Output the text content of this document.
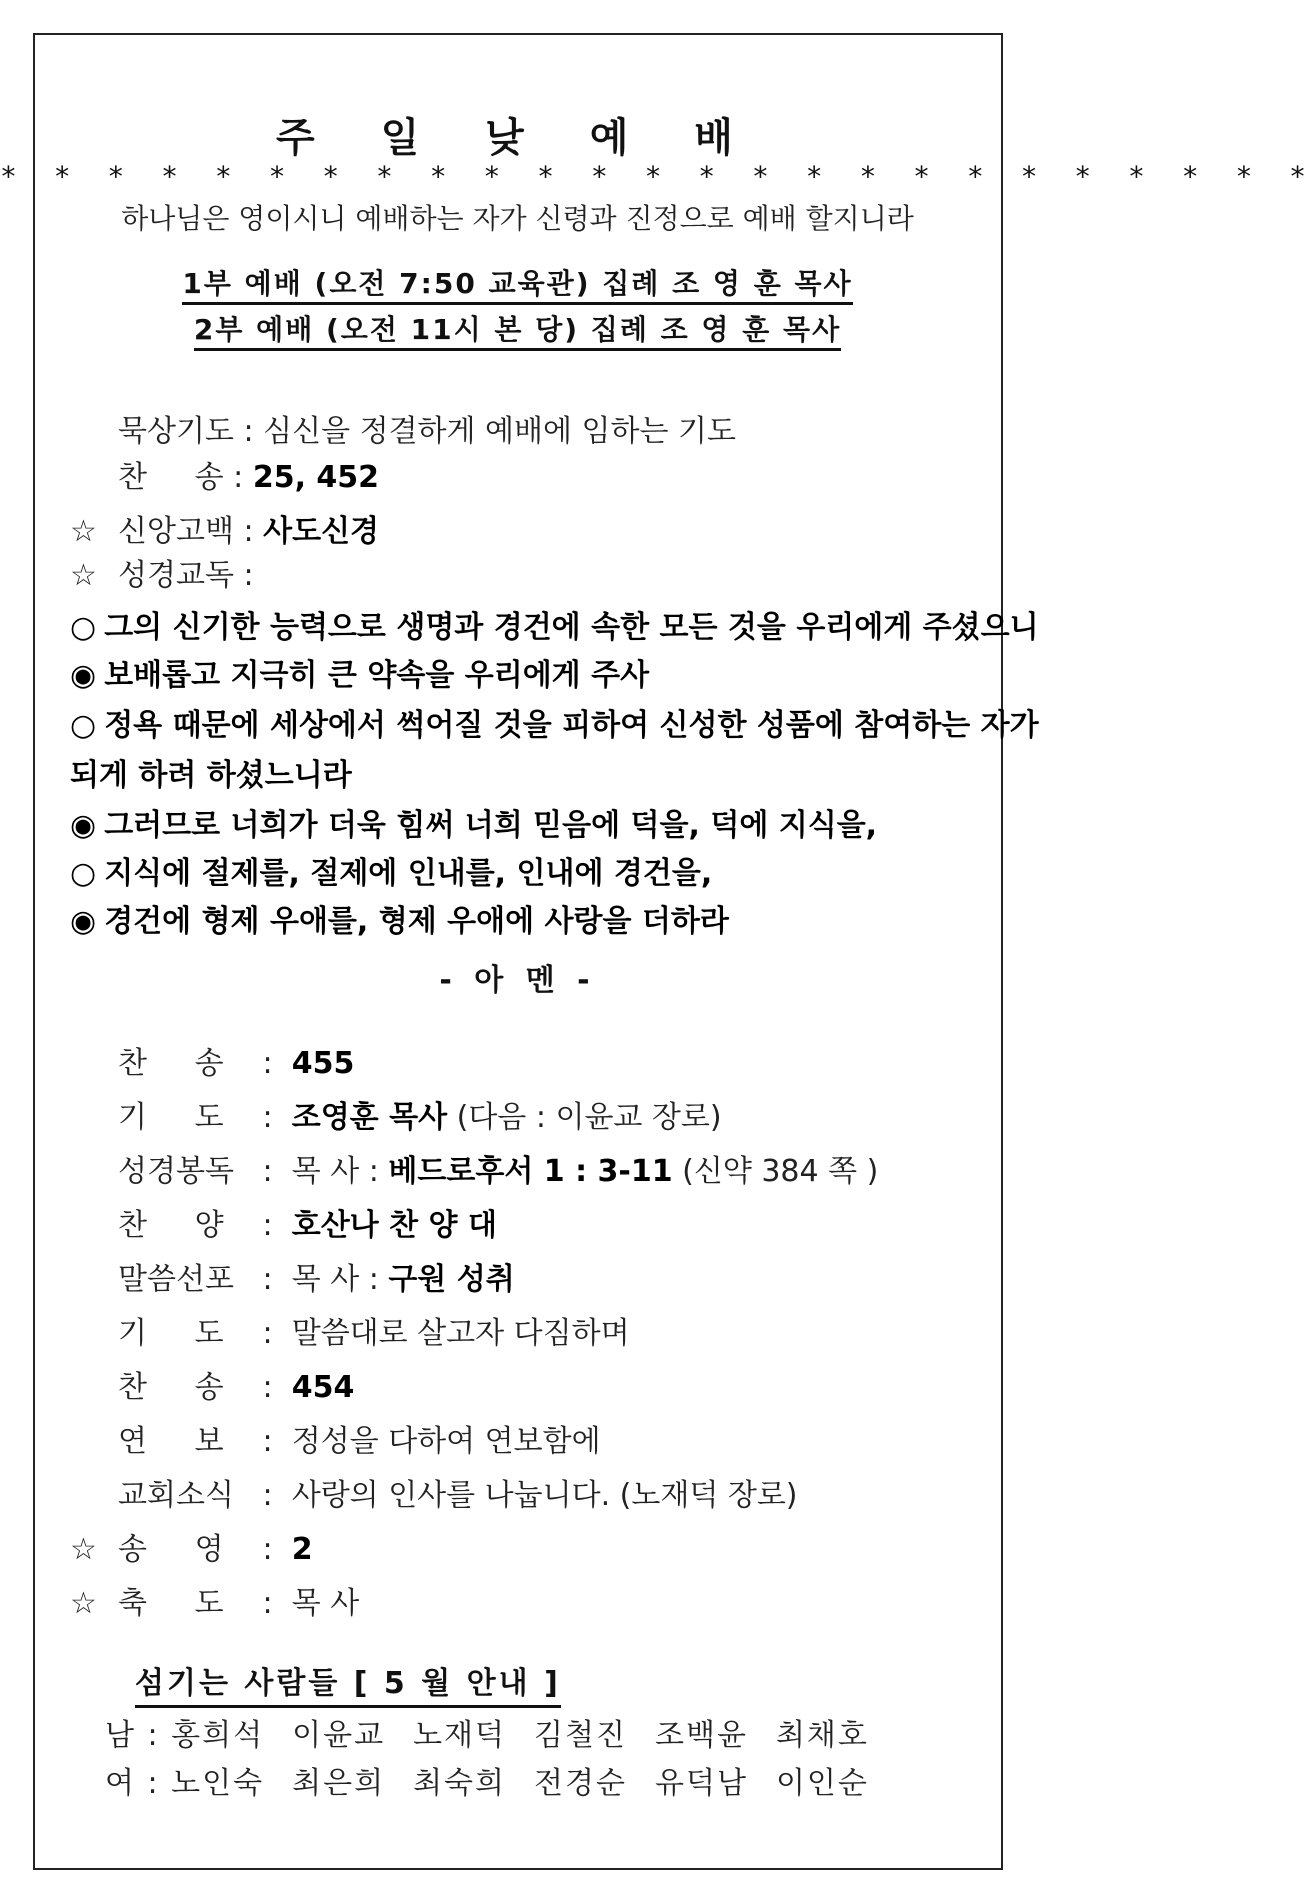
주 일 낮 예 배
* * * * * * * * * * * * * * * * * * * * * * * * *
하나님은 영이시니 예배하는 자가 신령과 진정으로 예배 할지니라
1부 예배 (오전 7:50 교육관) 집례 조 영 훈 목사
2부 예배 (오전 11시 본 당) 집례 조 영 훈 목사
묵상기도 : 심신을 정결하게 예배에 임하는 기도
찬     송 : 25, 452
☆ 신앙고백 : 사도신경
☆ 성경교독 :
○ 그의 신기한 능력으로 생명과 경건에 속한 모든 것을 우리에게 주셨으니
◉ 보배롭고 지극히 큰 약속을 우리에게 주사
○ 정욕 때문에 세상에서 썩어질 것을 피하여 신성한 성품에 참여하는 자가
되게 하려 하셨느니라
◉ 그러므로 너희가 더욱 힘써 너희 믿음에 덕을, 덕에 지식을,
○ 지식에 절제를, 절제에 인내를, 인내에 경건을,
◉ 경건에 형제 우애를, 형제 우애에 사랑을 더하라
- 아 멘 -
찬     송 :  455
기     도 :  조영훈 목사 (다음 : 이윤교 장로)
성경봉독 :  목 사 : 베드로후서 1 : 3-11 (신약 384 쪽 )
찬     양 :  호산나 찬 양 대
말씀선포 :  목 사 : 구원 성취
기     도 :  말씀대로 살고자 다짐하며
찬     송 :  454
연     보 :  정성을 다하여 연보함에
교회소식 :  사랑의 인사를 나눕니다. (노재덕 장로)
☆ 송     영 :  2
☆ 축     도 :  목 사
섬기는 사람들 [ 5 월 안내 ]
남 : 홍희석 이윤교 노재덕 김철진 조백윤 최채호
여 : 노인숙 최은희 최숙희 전경순 유덕남 이인순
